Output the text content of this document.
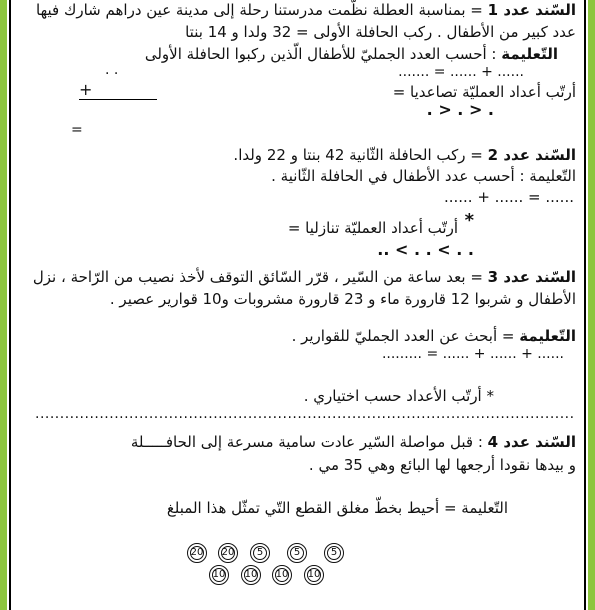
السّند عدد 1 = بمناسبة العطلة نظّمت مدرستنا رحلة إلى مدينة عين دراهم شارك فيها
عدد كبير من الأطفال . ركب الحافلة الأولى = 32 ولدا و 14 بنتا
التّعليمة : أحسب العدد الجمليّ للأطفال الّذين ركبوا الحافلة الأولى
....... = ...... + ......
. .
أرتّب أعداد العمليّة تصاعديا =
+
. > . > .
=
السّند عدد 2 = ركب الحافلة الثّانية 42 بنتا و 22 ولدا.
التّعليمة : أحسب عدد الأطفال في الحافلة الثّانية .
...... + ...... = ......
*
أرتّب أعداد العمليّة تنازليا =
.. < . . < . .
السّند عدد 3 = بعد ساعة من السّير ، قرّر السّائق التوقف لأخذ نصيب من الرّاحة ، نزل
الأطفال و شربوا 12 قارورة ماء و 23 قارورة مشروبات و10 قوارير عصير .
التّعليمة = أبحث عن العدد الجمليّ للقوارير .
......... = ...... + ...... + ......
* أرتّب الأعداد حسب اختياري .
.............................................................................................................
السّند عدد 4 : قبل مواصلة السّير عادت سامية مسرعة إلى الحافـــــلة
و بيدها نقودا أرجعها لها البائع وهي 35 مي .
التّعليمة = أحيط بخطّ مغلق القطع التّي تمثّل هذا المبلغ
20	20	5	5	5
10	10	10	10
